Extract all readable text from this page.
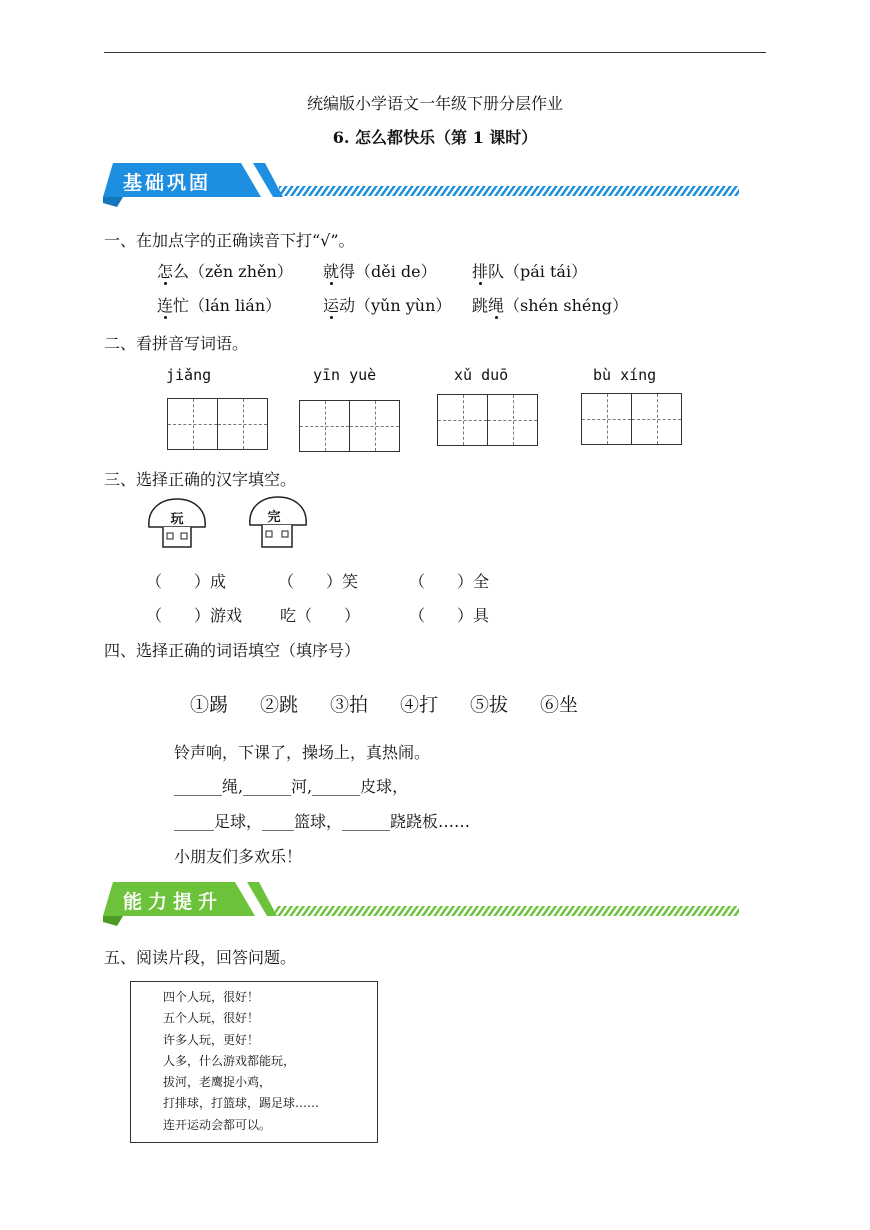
统编版小学语文一年级下册分层作业
6. 怎么都快乐（第 1 课时）
基础巩固
一、在加点字的正确读音下打“√”。
怎么（zěn zhěn） 就得（děi de） 排队（pái tái）
连忙（lán lián）	运动（yǔn yùn） 跳绳（shén shéng）
二、看拼音写词语。
jiǎng	yīn yuè	xǔ duō	bù xíng
三、选择正确的汉字填空。
玩	完
（　　）成	（　　）笑	（　　）全
（　　）游戏 吃（　　）	（　　）具
四、选择正确的词语填空（填序号）
①踢 ②跳 ③拍 ④打 ⑤拔 ⑥坐
铃声响，下课了，操场上，真热闹。
______绳,______河,______皮球，
_____足球，____篮球，______跷跷板……
小朋友们多欢乐！
能力提升
五、阅读片段，回答问题。

四个人玩，很好！

五个人玩，很好！

许多人玩，更好！

人多，什么游戏都能玩，

拔河，老鹰捉小鸡，

打排球，打篮球，踢足球……

连开运动会都可以。
